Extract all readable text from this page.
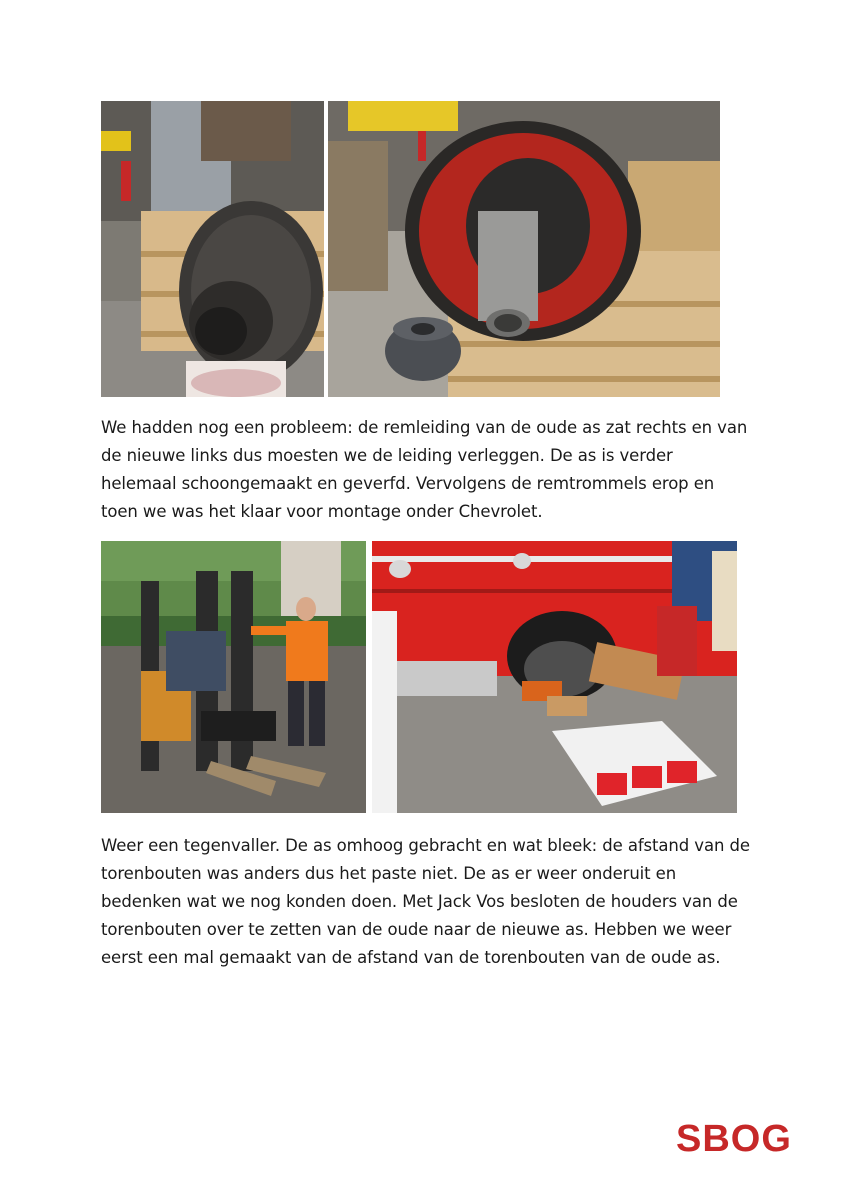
We hadden nog een probleem: de remleiding van de oude as zat rechts en van de nieuwe links dus moesten we de leiding verleggen. De as is verder helemaal schoongemaakt en geverfd. Vervolgens de remtrommels erop en toen we was het klaar voor montage onder Chevrolet.

Weer een tegenvaller. De as omhoog gebracht en wat bleek: de afstand van de torenbouten was anders dus het paste niet. De as er weer onderuit en bedenken wat we nog konden doen. Met Jack Vos besloten de houders van de torenbouten over te zetten van de oude naar de nieuwe as. Hebben we weer eerst een mal gemaakt van de afstand van de torenbouten van de oude as.

SBOG
